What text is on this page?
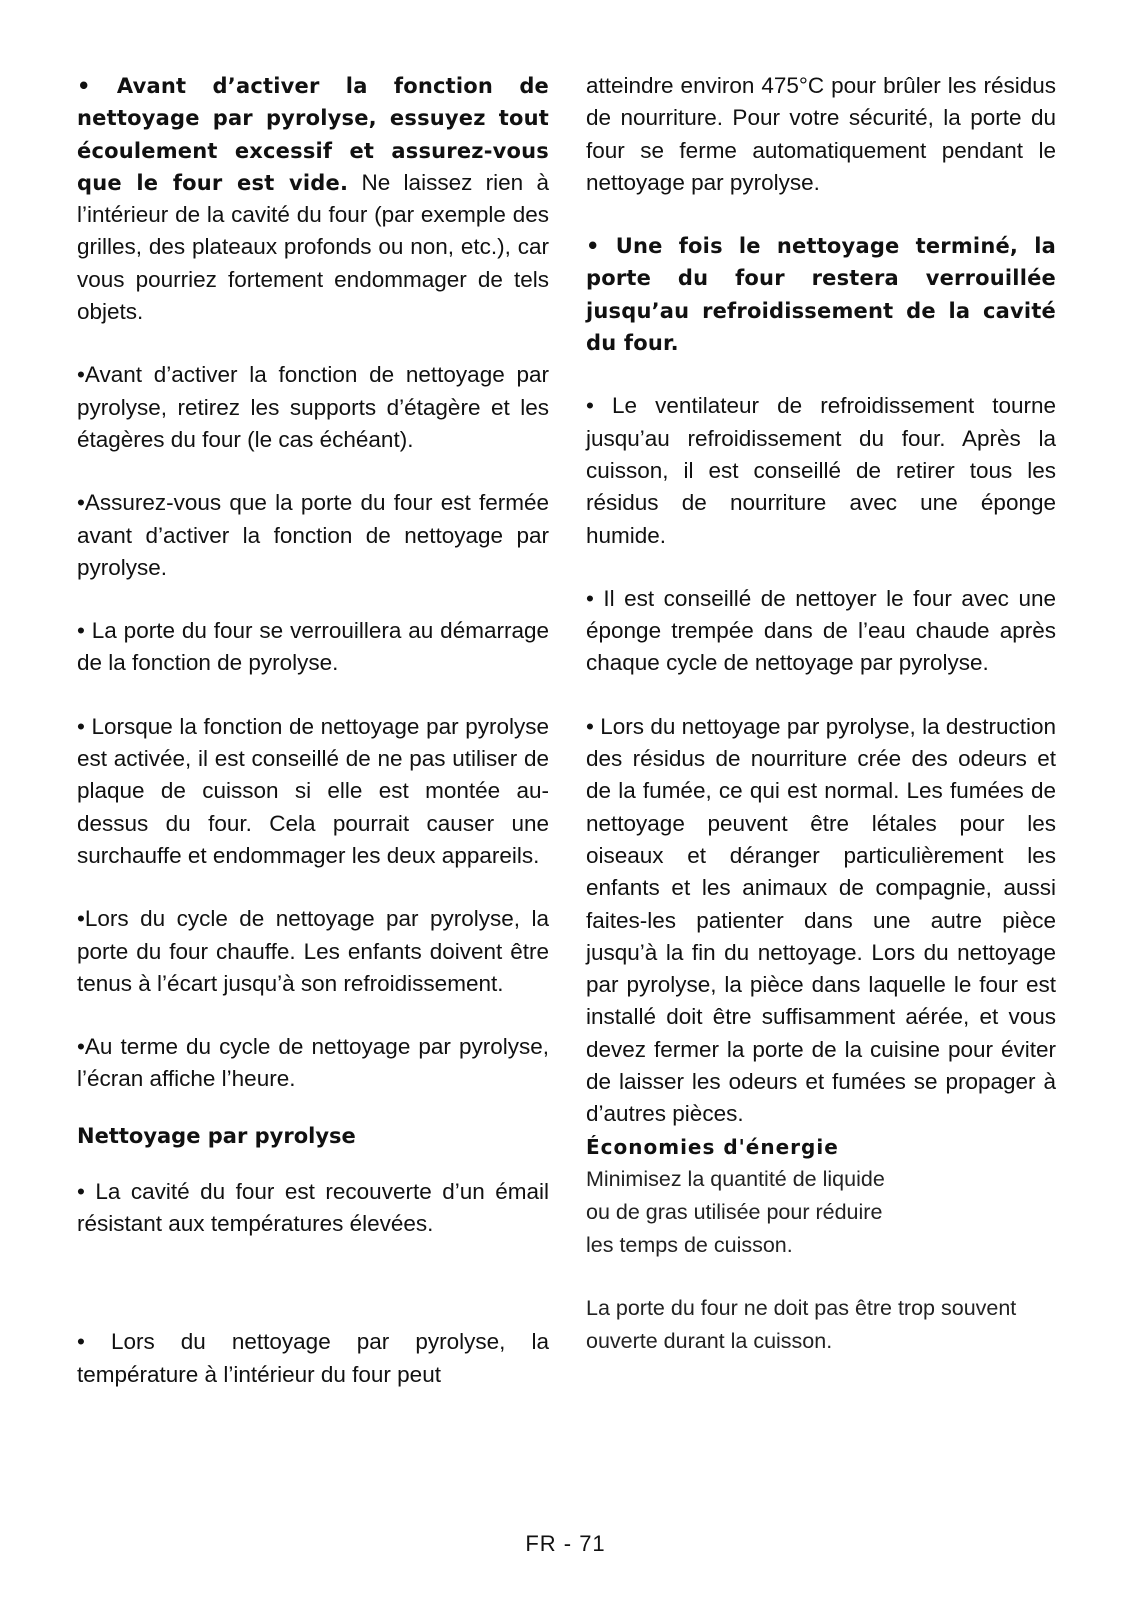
• Avant d’activer la fonction de nettoyage par pyrolyse, essuyez tout écoulement excessif et assurez-vous que le four est vide. Ne laissez rien à l’intérieur de la cavité du four (par exemple des grilles, des plateaux profonds ou non, etc.), car vous pourriez fortement endommager de tels objets.

•Avant d’activer la fonction de nettoyage par pyrolyse, retirez les supports d’étagère et les étagères du four (le cas échéant).

•Assurez-vous que la porte du four est fermée avant d’activer la fonction de nettoyage par pyrolyse.

• La porte du four se verrouillera au démarrage de la fonction de pyrolyse.

• Lorsque la fonction de nettoyage par pyrolyse est activée, il est conseillé de ne pas utiliser de plaque de cuisson si elle est montée au-dessus du four. Cela pourrait causer une surchauffe et endommager les deux appareils.

•Lors du cycle de nettoyage par pyrolyse, la porte du four chauffe. Les enfants doivent être tenus à l’écart jusqu’à son refroidissement.

•Au terme du cycle de nettoyage par pyrolyse, l’écran affiche l’heure.

Nettoyage par pyrolyse

• La cavité du four est recouverte d’un émail résistant aux températures élevées.

• Lors du nettoyage par pyrolyse, la température à l’intérieur du four peut

atteindre environ 475°C pour brûler les résidus de nourriture. Pour votre sécurité, la porte du four se ferme automatiquement pendant le nettoyage par pyrolyse.

• Une fois le nettoyage terminé, la porte du four restera verrouillée jusqu’au refroidissement de la cavité du four.

• Le ventilateur de refroidissement tourne jusqu’au refroidissement du four. Après la cuisson, il est conseillé de retirer tous les résidus de nourriture avec une éponge humide.

• Il est conseillé de nettoyer le four avec une éponge trempée dans de l’eau chaude après chaque cycle de nettoyage par pyrolyse.

• Lors du nettoyage par pyrolyse, la destruction des résidus de nourriture crée des odeurs et de la fumée, ce qui est normal. Les fumées de nettoyage peuvent être létales pour les oiseaux et déranger particulièrement les enfants et les animaux de compagnie, aussi faites-les patienter dans une autre pièce jusqu’à la fin du nettoyage. Lors du nettoyage par pyrolyse, la pièce dans laquelle le four est installé doit être suffisamment aérée, et vous devez fermer la porte de la cuisine pour éviter de laisser les odeurs et fumées se propager à d’autres pièces.

Économies d'énergie

Minimisez la quantité de liquide
ou de gras utilisée pour réduire
les temps de cuisson.

La porte du four ne doit pas être trop souvent ouverte durant la cuisson.

FR - 71
